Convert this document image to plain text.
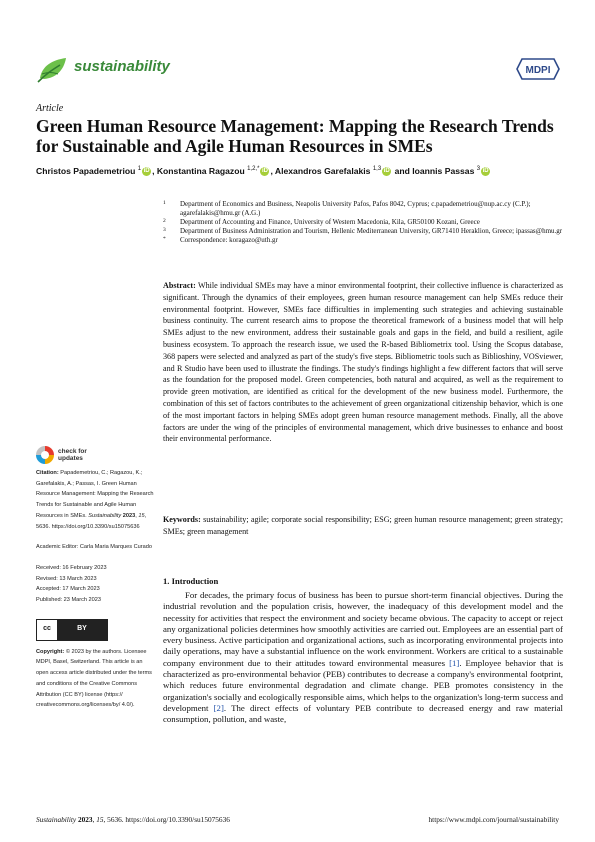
sustainability	MDPI
Article
Green Human Resource Management: Mapping the Research Trends for Sustainable and Agile Human Resources in SMEs
Christos Papademetriou $^1$ iD , Konstantina Ragazou $^{1,2,*}$ iD , Alexandros Garefalakis $^{1,3}$ iD and Ioannis Passas $^3$ iD
1 Department of Economics and Business, Neapolis University Pafos, Pafos 8042, Cyprus; c.papademetriou@nup.ac.cy (C.P.); agarefalakis@hmu.gr (A.G.)
2 Department of Accounting and Finance, University of Western Macedonia, Kila, GR50100 Kozani, Greece
3 Department of Business Administration and Tourism, Hellenic Mediterranean University, GR71410 Heraklion, Greece; ipassas@hmu.gr
* Correspondence: koragazo@uth.gr

Abstract: While individual SMEs may have a minor environmental footprint, their collective influence is characterized as significant. Through the dynamics of their employees, green human resource management can help SMEs reduce their environmental footprint. However, SMEs face difficulties in implementing such strategies and achieving sustainable business continuity. The current research aims to propose the theoretical framework of a business model that will help SMEs adjust to the new environment, address their sustainable goals and gaps in the field, and build a resilient, agile business ecosystem. To approach the research issue, we used the R-based Bibliometrix tool. Using the Scopus database, 368 papers were selected and analyzed as part of the study's five steps. Bibliometric tools such as Biblioshiny, VOSviewer, and R Studio have been used to illustrate the findings. The study's findings highlight a few different factors that will serve as the foundation for the proposed model. Green competencies, both natural and acquired, as well as the requirement to provide green motivation, are identified as critical for the development of the new business model. Furthermore, the combination of this set of factors contributes to the achievement of green organizational citizenship behavior, which is one of the most important factors in helping SMEs adopt green human resource management methods. Finally, all the above factors are under the wing of the principles of environmental management, which drive businesses to enhance and boost their environmental performance.

Keywords: sustainability; agile; corporate social responsibility; ESG; green human resource management; green strategy; SMEs; green management

check for
updates

Citation: Papademetriou, C.; Ragazou, K.; Garefalakis, A.; Passas, I. Green Human Resource Management: Mapping the Research Trends for Sustainable and Agile Human Resources in SMEs. Sustainability 2023, 15, 5636. https://doi.org/10.3390/su15075636

Academic Editor: Carla Maria Marques Curado

Received: 16 February 2023

Revised: 13 March 2023

Accepted: 17 March 2023

Published: 23 March 2023

cc	BY

Copyright: © 2023 by the authors. Licensee MDPI, Basel, Switzerland. This article is an open access article distributed under the terms and conditions of the Creative Commons Attribution (CC BY) license (https:// creativecommons.org/licenses/by/ 4.0/).

1. Introduction

For decades, the primary focus of business has been to pursue short-term financial objectives. During the industrial revolution and the population crisis, however, the inadequacy of this development model and the necessity for activities that respect the environment and society became obvious. The capacity to accept or reject any organizational policies determines how smoothly activities are carried out. Employees are an essential part of every business. Active participation and organizational actions, such as incorporating environmental projects into daily operations, may have a substantial influence on the work environment. Workers are critical to a sustainable company environment due to their attitudes toward environmental measures [1]. Employee behavior that is characterized as pro-environmental behavior (PEB) contributes to decrease a company's environmental footprint, which reduces future environmental degradation and climate change. PEB promotes consistency in the organization's socially and ecologically responsible aims, which helps to the organization's long-term success and development [2]. The direct effects of voluntary PEB contribute to decreased energy and raw material consumption, pollution, and waste,

Sustainability 2023, 15, 5636. https://doi.org/10.3390/su15075636	https://www.mdpi.com/journal/sustainability
